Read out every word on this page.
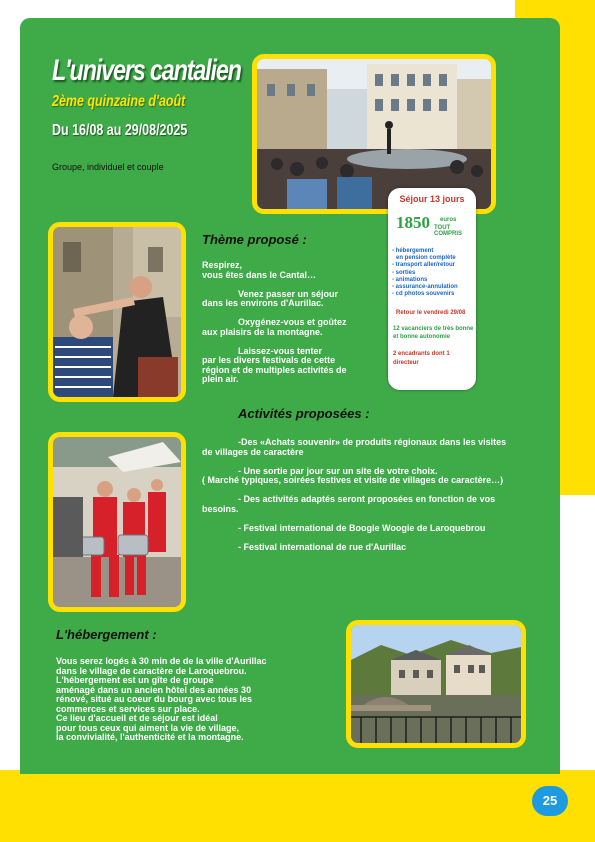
L'univers cantalien
2ème quinzaine d'août
Du 16/08 au 29/08/2025
Groupe, individuel et couple
Séjour 13 jours
1850 euros
TOUT COMPRIS
- hébergement
en pension complète
- transport aller/retour
- sorties
- animations
- assurance-annulation
- cd photos souvenirs
Retour le vendredi 29/08
12 vacanciers de très bonne et bonne autonomie
2 encadrants dont 1 directeur
Thème proposé :
Respirez,
vous êtes dans le Cantal…
Venez passer un séjour
dans les environs d'Aurillac.
Oxygénez-vous et goûtez
aux plaisirs de la montagne.
Laissez-vous tenter
par les divers festivals de cette
région et de multiples activités de
plein air.
Activités proposées :
-Des «Achats souvenir» de produits régionaux dans les visites de villages de caractère
- Une sortie par jour sur un site de votre choix.
( Marché typiques, soirées festives et visite de villages de caractère…)
- Des activités adaptés seront proposées en fonction de vos besoins.
- Festival international de Boogie Woogie de Laroquebrou
- Festival international de rue d'Aurillac
L'hébergement :
Vous serez logés à 30 min de de la ville d'Aurillac
dans le village de caractère de Laroquebrou.
L'hébergement est un gîte de groupe
aménagé dans un ancien hôtel des années 30
rénové, situé au coeur du bourg avec tous les
commerces et services sur place.
Ce lieu d'accueil et de séjour est idéal
pour tous ceux qui aiment la vie de village,
la convivialité, l'authenticité et la montagne.
25
